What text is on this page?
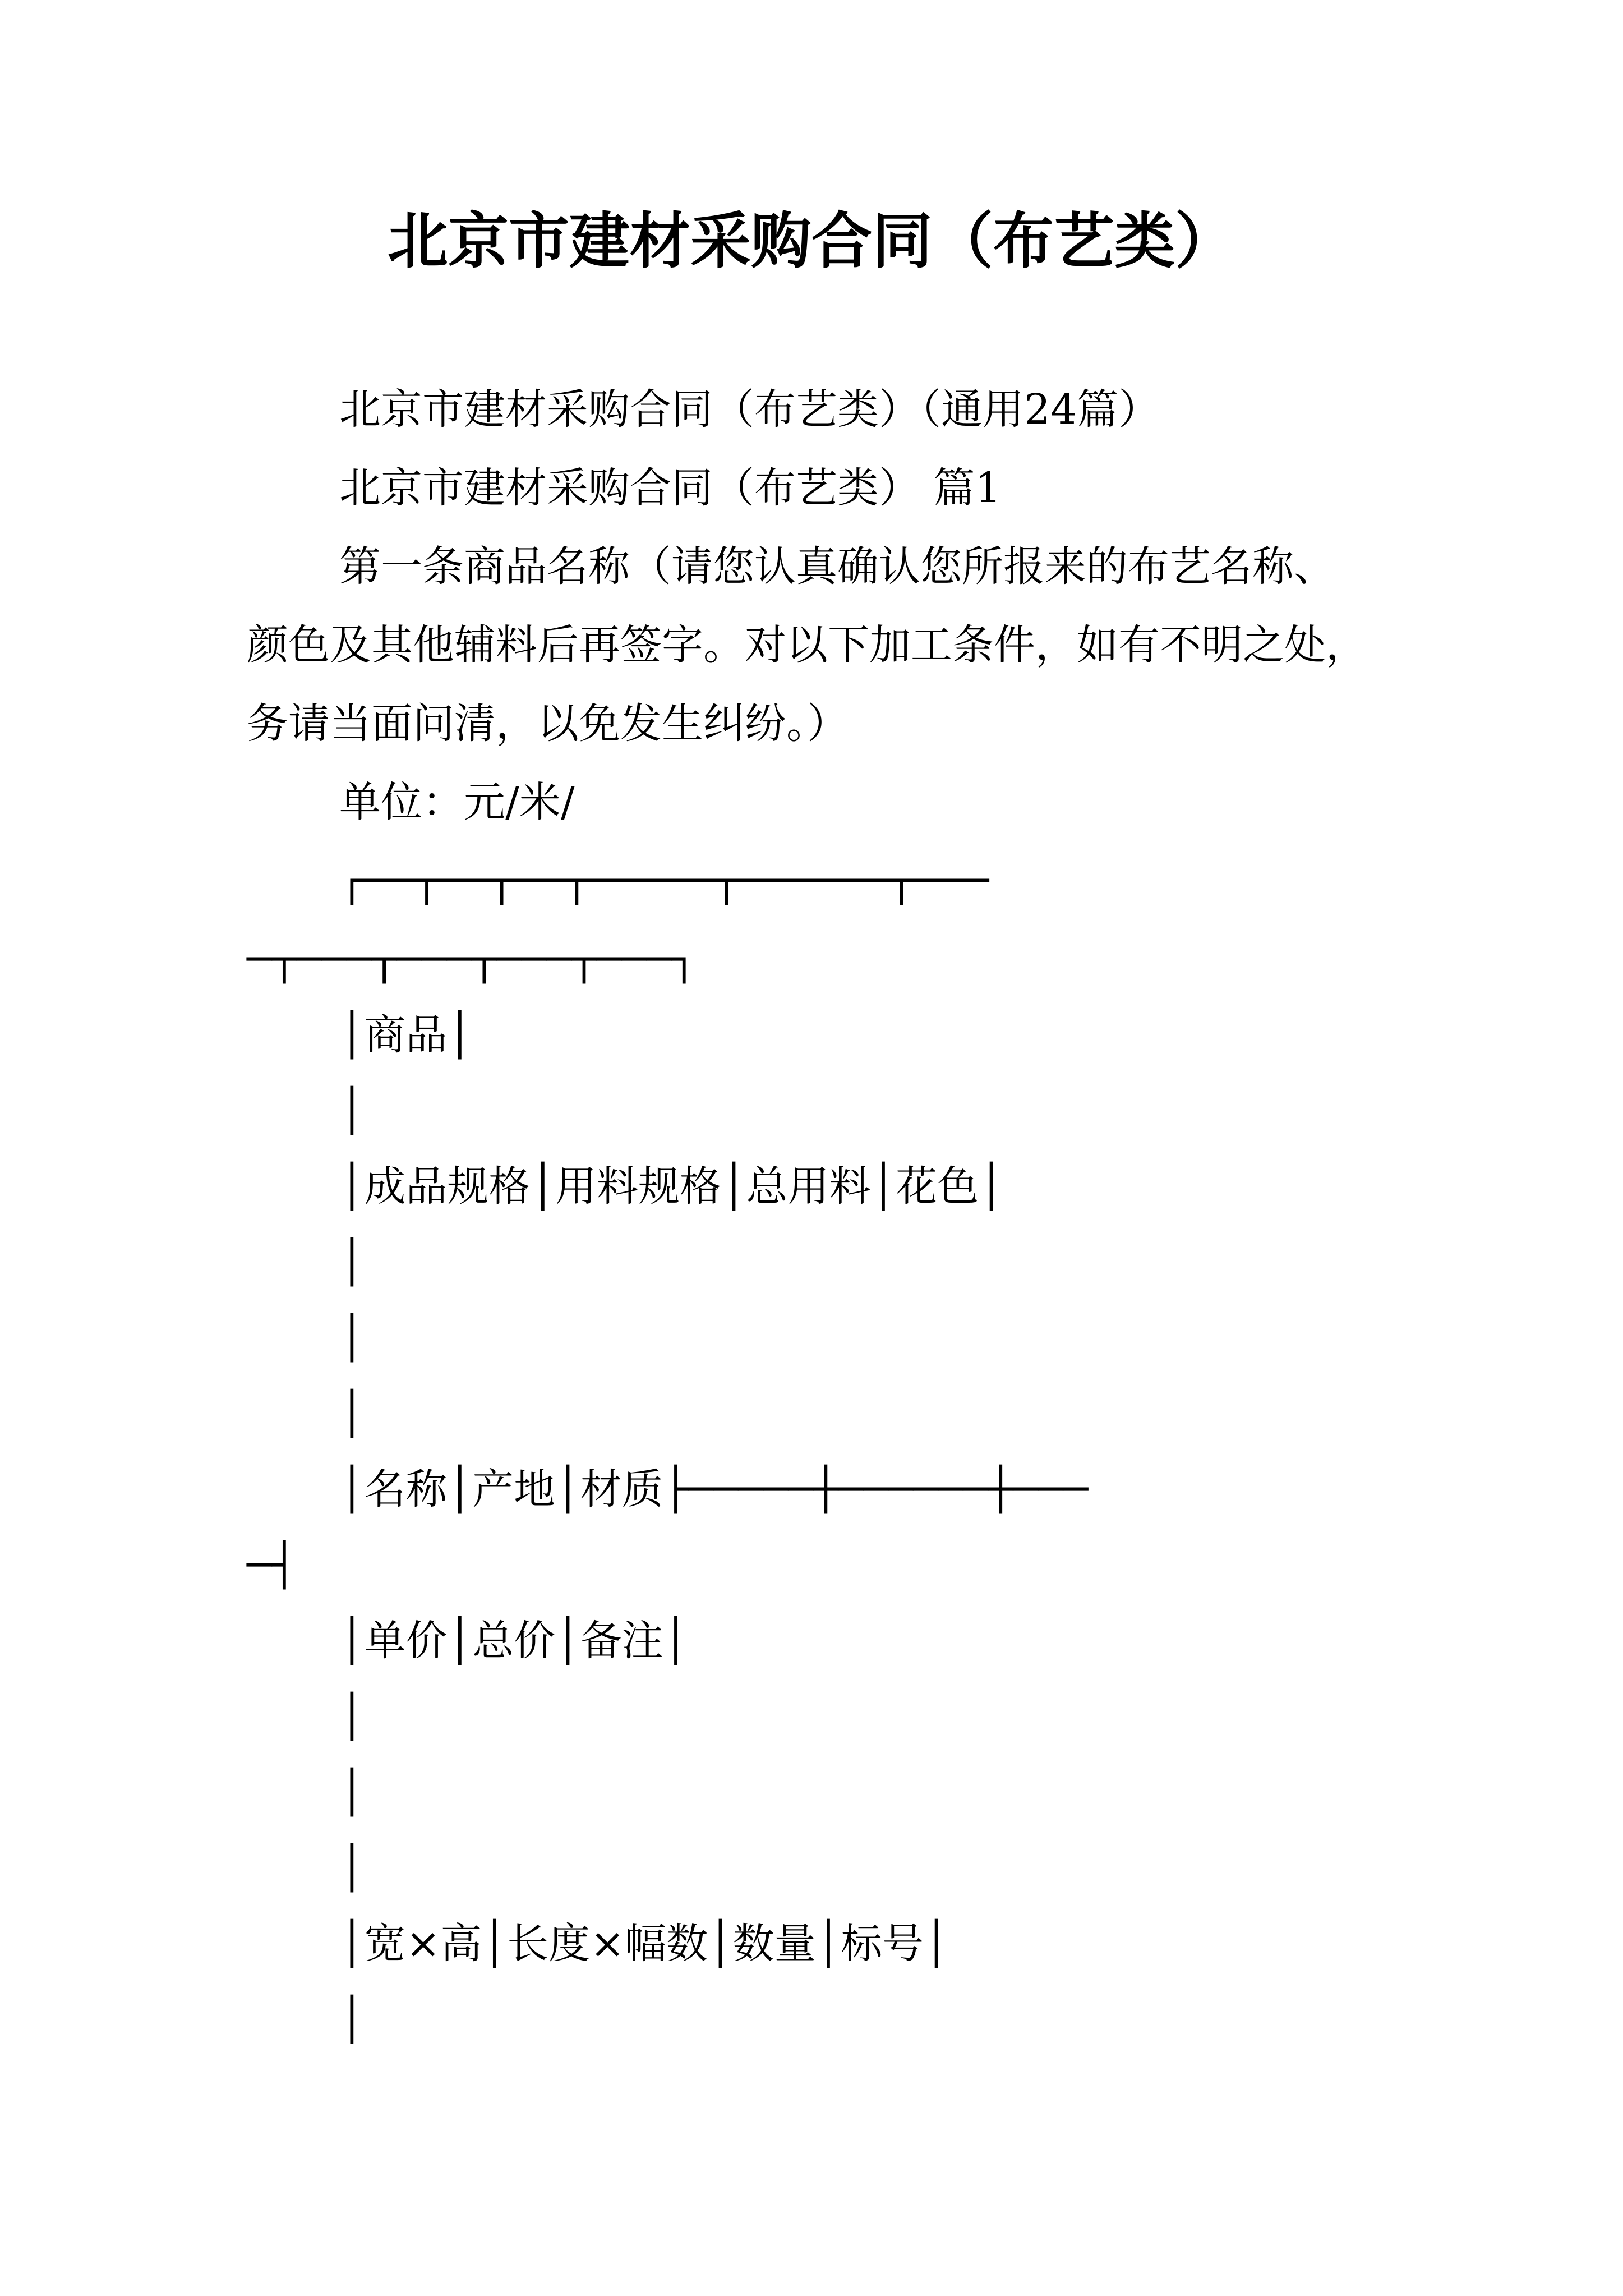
北京市建材采购合同（布艺类）
北京市建材采购合同（布艺类）（通用24篇）
北京市建材采购合同（布艺类） 篇1
第一条商品名称（请您认真确认您所报来的布艺名称、
颜色及其他辅料后再签字。对以下加工条件，如有不明之处，
务请当面问清，以免发生纠纷。）
单位：元/米/
┌──┬──┬──┬─────┬──────┬───
─┬───┬───┬───┬───┐
│商品│
│
│成品规格│用料规格│总用料│花色│
│
│
│
│名称│产地│材质├─────┼──────┼───
─┤
│单价│总价│备注│
│
│
│
│宽×高│长度×幅数│数量│标号│
│
